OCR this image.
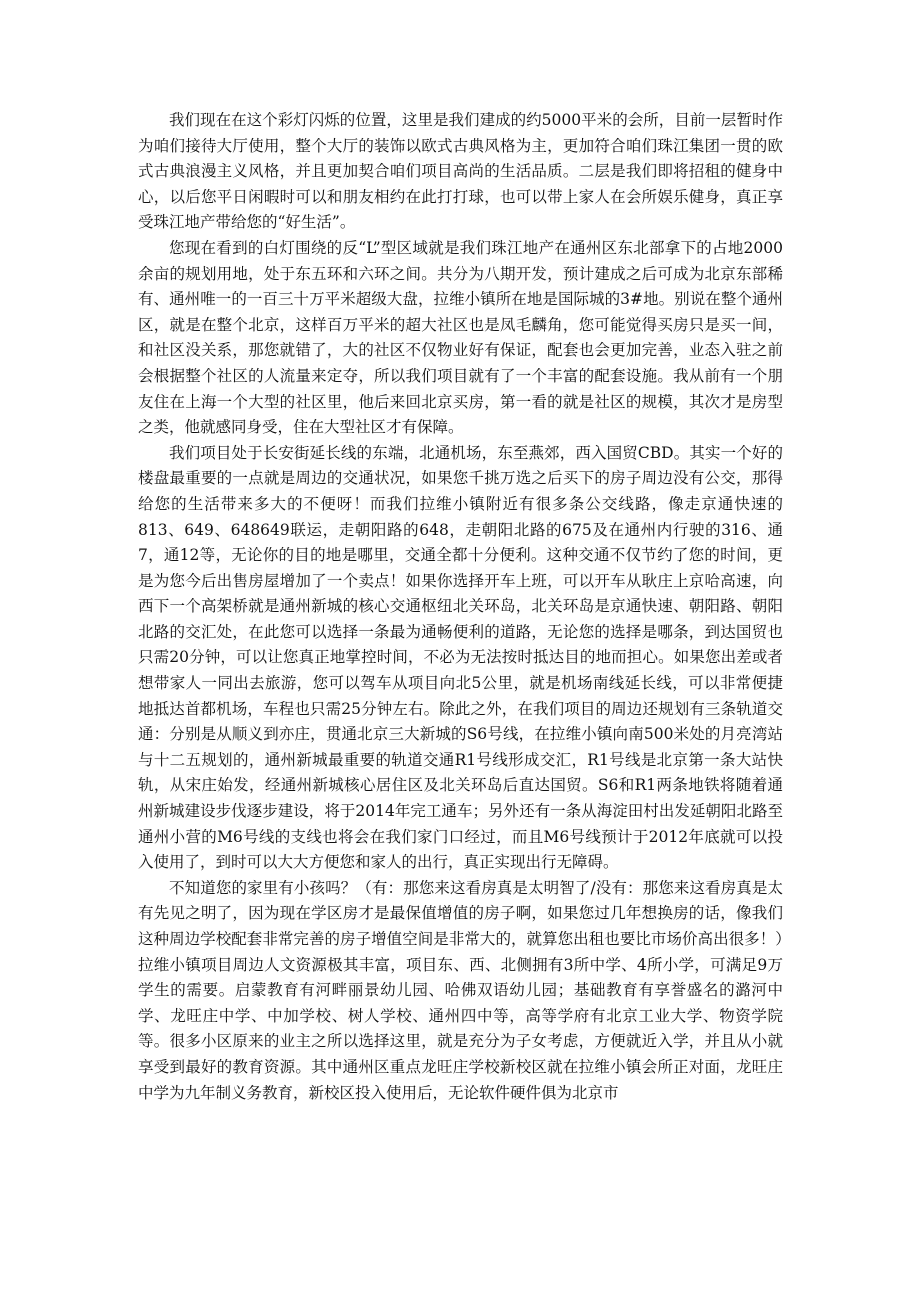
我们现在在这个彩灯闪烁的位置，这里是我们建成的约5000平米的会所，目前一层暂时作为咱们接待大厅使用，整个大厅的装饰以欧式古典风格为主，更加符合咱们珠江集团一贯的欧式古典浪漫主义风格，并且更加契合咱们项目高尚的生活品质。二层是我们即将招租的健身中心，以后您平日闲暇时可以和朋友相约在此打打球，也可以带上家人在会所娱乐健身，真正享受珠江地产带给您的“好生活”。

您现在看到的白灯围绕的反“L”型区域就是我们珠江地产在通州区东北部拿下的占地2000余亩的规划用地，处于东五环和六环之间。共分为八期开发，预计建成之后可成为北京东部稀有、通州唯一的一百三十万平米超级大盘，拉维小镇所在地是国际城的3#地。别说在整个通州区，就是在整个北京，这样百万平米的超大社区也是凤毛麟角，您可能觉得买房只是买一间，和社区没关系，那您就错了，大的社区不仅物业好有保证，配套也会更加完善，业态入驻之前会根据整个社区的人流量来定夺，所以我们项目就有了一个丰富的配套设施。我从前有一个朋友住在上海一个大型的社区里，他后来回北京买房，第一看的就是社区的规模，其次才是房型之类，他就感同身受，住在大型社区才有保障。

我们项目处于长安街延长线的东端，北通机场，东至燕郊，西入国贸CBD。其实一个好的楼盘最重要的一点就是周边的交通状况，如果您千挑万选之后买下的房子周边没有公交，那得给您的生活带来多大的不便呀！而我们拉维小镇附近有很多条公交线路，像走京通快速的813、649、648649联运，走朝阳路的648，走朝阳北路的675及在通州内行驶的316、通7，通12等，无论你的目的地是哪里，交通全都十分便利。这种交通不仅节约了您的时间，更是为您今后出售房屋增加了一个卖点！如果你选择开车上班，可以开车从耿庄上京哈高速，向西下一个高架桥就是通州新城的核心交通枢纽北关环岛，北关环岛是京通快速、朝阳路、朝阳北路的交汇处，在此您可以选择一条最为通畅便利的道路，无论您的选择是哪条，到达国贸也只需20分钟，可以让您真正地掌控时间，不必为无法按时抵达目的地而担心。如果您出差或者想带家人一同出去旅游，您可以驾车从项目向北5公里，就是机场南线延长线，可以非常便捷地抵达首都机场，车程也只需25分钟左右。除此之外，在我们项目的周边还规划有三条轨道交通：分别是从顺义到亦庄，贯通北京三大新城的S6号线，在拉维小镇向南500米处的月亮湾站与十二五规划的，通州新城最重要的轨道交通R1号线形成交汇，R1号线是北京第一条大站快轨，从宋庄始发，经通州新城核心居住区及北关环岛后直达国贸。S6和R1两条地铁将随着通州新城建设步伐逐步建设，将于2014年完工通车；另外还有一条从海淀田村出发延朝阳北路至通州小营的M6号线的支线也将会在我们家门口经过，而且M6号线预计于2012年底就可以投入使用了，到时可以大大方便您和家人的出行，真正实现出行无障碍。

不知道您的家里有小孩吗？（有：那您来这看房真是太明智了/没有：那您来这看房真是太有先见之明了，因为现在学区房才是最保值增值的房子啊，如果您过几年想换房的话，像我们这种周边学校配套非常完善的房子增值空间是非常大的，就算您出租也要比市场价高出很多！）拉维小镇项目周边人文资源极其丰富，项目东、西、北侧拥有3所中学、4所小学，可满足9万学生的需要。启蒙教育有河畔丽景幼儿园、哈佛双语幼儿园；基础教育有享誉盛名的潞河中学、龙旺庄中学、中加学校、树人学校、通州四中等，高等学府有北京工业大学、物资学院等。很多小区原来的业主之所以选择这里，就是充分为子女考虑，方便就近入学，并且从小就享受到最好的教育资源。其中通州区重点龙旺庄学校新校区就在拉维小镇会所正对面，龙旺庄中学为九年制义务教育，新校区投入使用后，无论软件硬件俱为北京市
